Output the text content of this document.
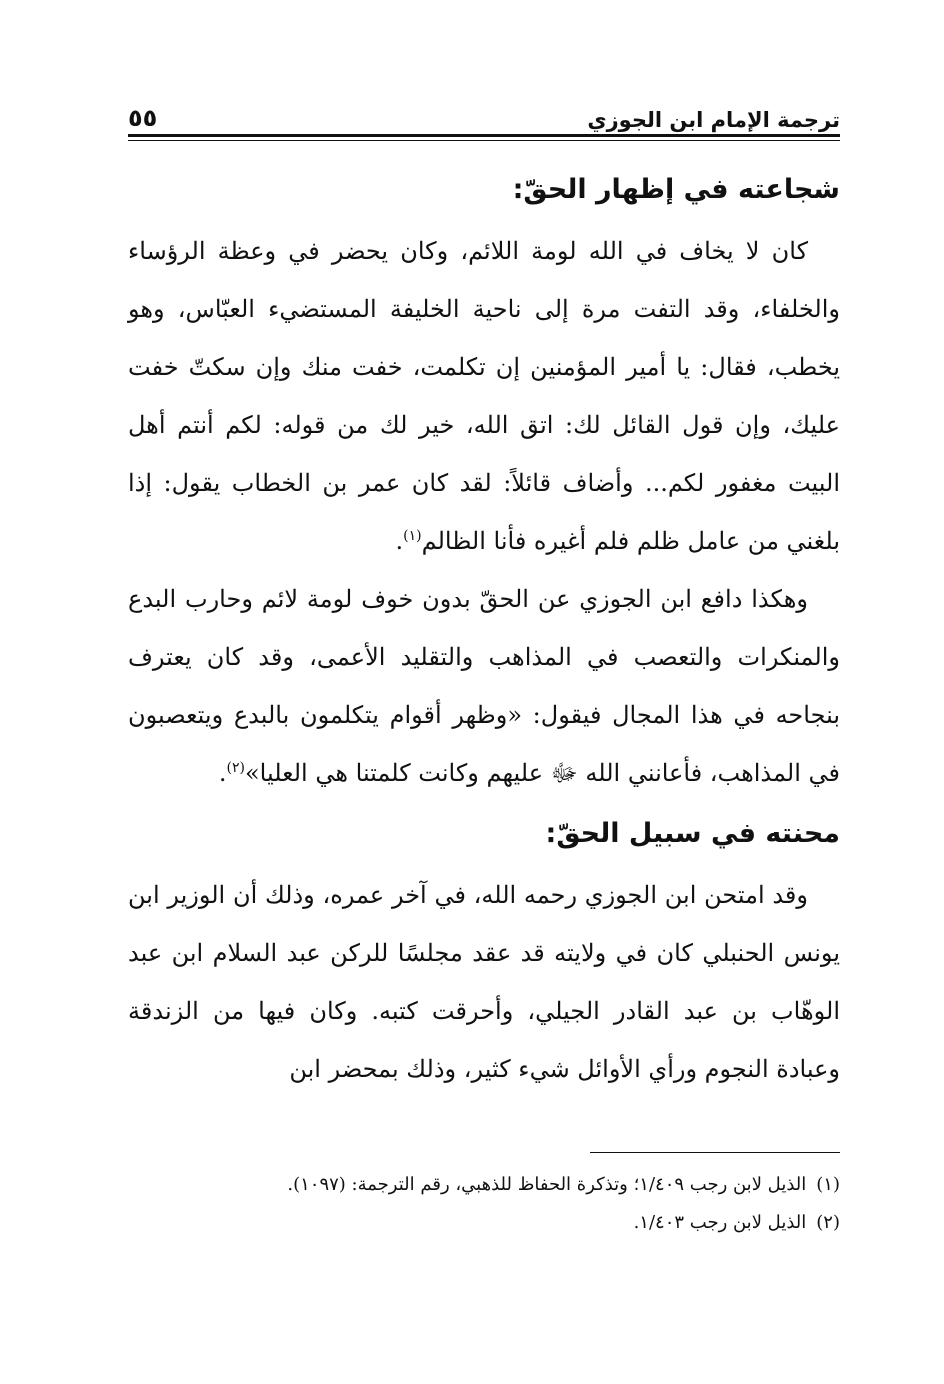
ترجمة الإمام ابن الجوزي
٥٥
شجاعته في إظهار الحقّ:

كان لا يخاف في الله لومة اللائم، وكان يحضر في وعظة الرؤساء والخلفاء، وقد التفت مرة إلى ناحية الخليفة المستضيء العبّاس، وهو يخطب، فقال: يا أمير المؤمنين إن تكلمت، خفت منك وإن سكتّ خفت عليك، وإن قول القائل لك: اتق الله، خير لك من قوله: لكم أنتم أهل البيت مغفور لكم... وأضاف قائلاً: لقد كان عمر بن الخطاب يقول: إذا بلغني من عامل ظلم فلم أغيره فأنا الظالم$^{(١)}$.

وهكذا دافع ابن الجوزي عن الحقّ بدون خوف لومة لائم وحارب البدع والمنكرات والتعصب في المذاهب والتقليد الأعمى، وقد كان يعترف بنجاحه في هذا المجال فيقول: «وظهر أقوام يتكلمون بالبدع ويتعصبون في المذاهب، فأعانني الله ﷻ عليهم وكانت كلمتنا هي العليا»$^{(٢)}$.

محنته في سبيل الحقّ:

وقد امتحن ابن الجوزي رحمه الله، في آخر عمره، وذلك أن الوزير ابن يونس الحنبلي كان في ولايته قد عقد مجلسًا للركن عبد السلام ابن عبد الوهّاب بن عبد القادر الجيلي، وأحرقت كتبه. وكان فيها من الزندقة وعبادة النجوم ورأي الأوائل شيء كثير، وذلك بمحضر ابن

(١)الذيل لابن رجب ١/٤٠٩؛ وتذكرة الحفاظ للذهبي، رقم الترجمة: (١٠٩٧).

(٢)الذيل لابن رجب ١/٤٠٣.
